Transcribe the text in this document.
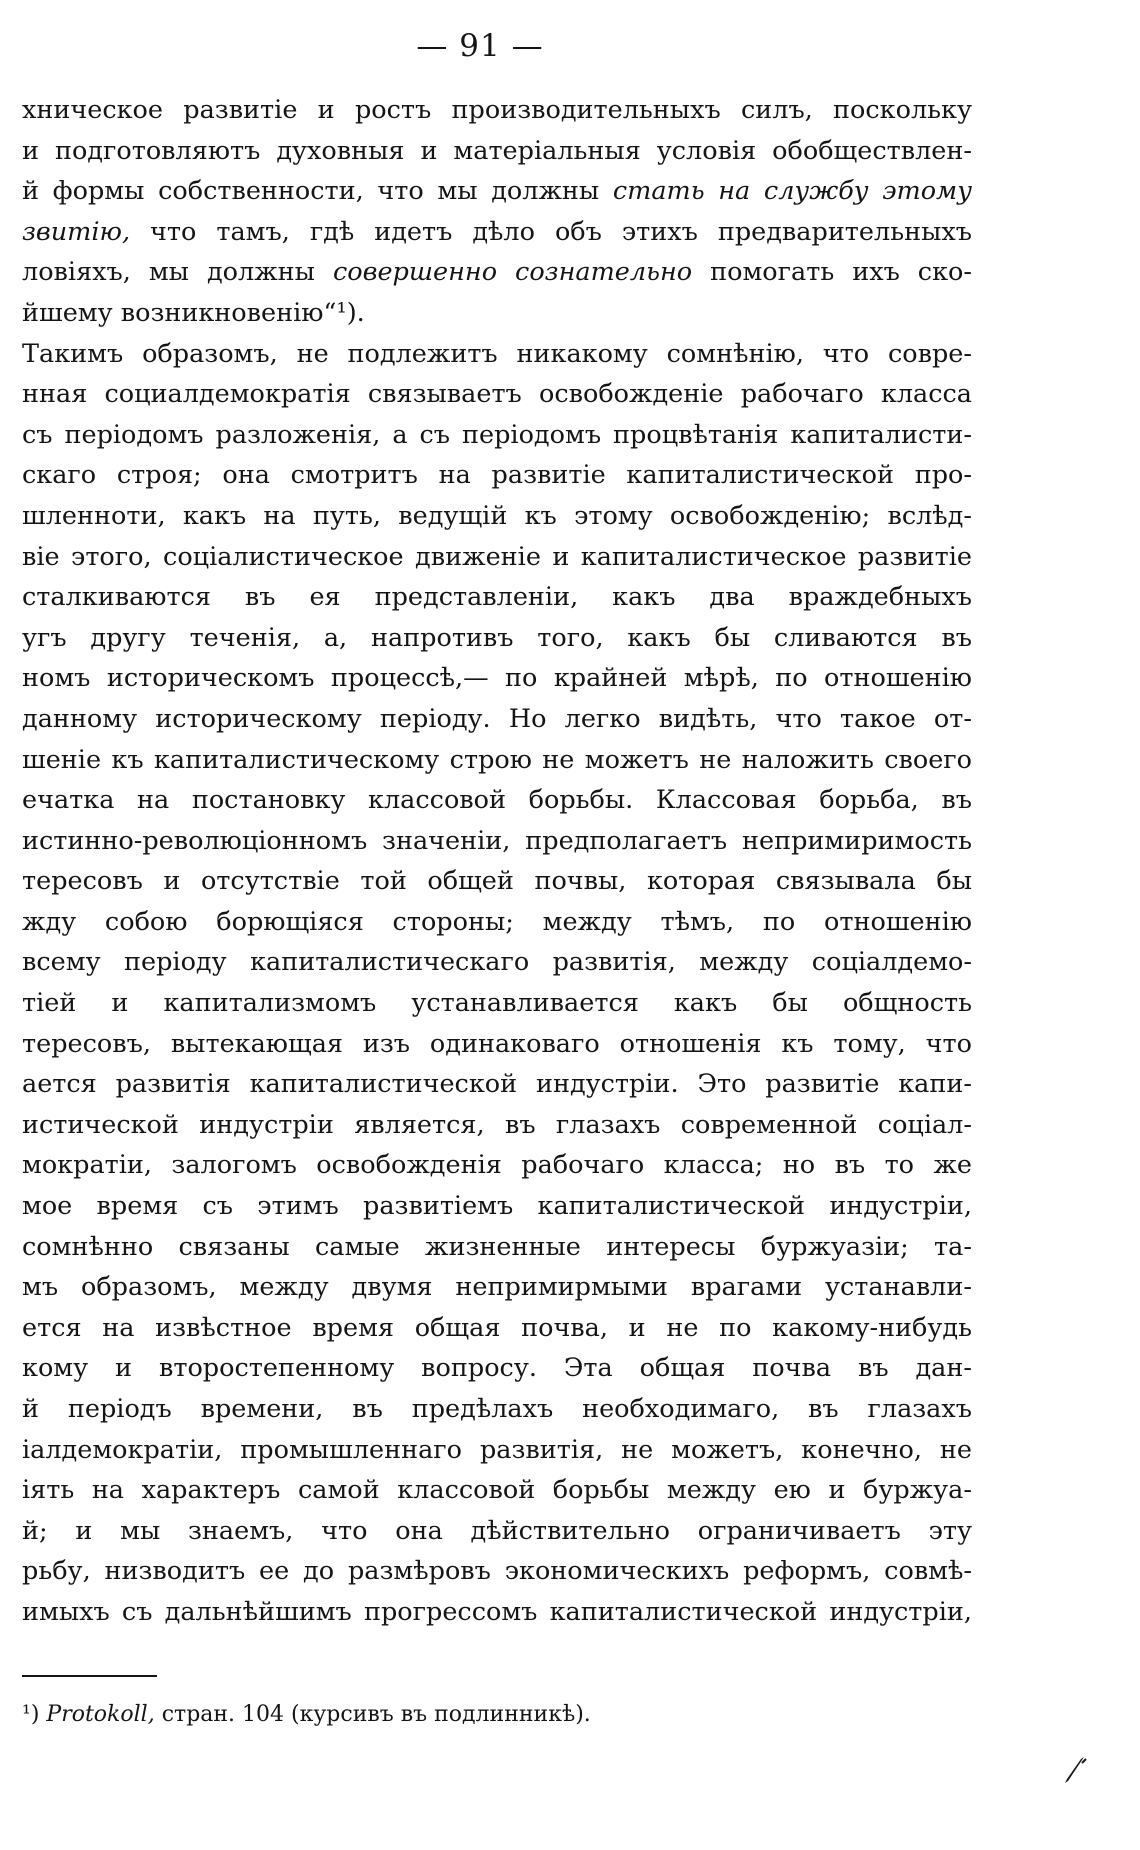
— 91 —
хническое развитіе и ростъ производительныхъ силъ, поскольку
и подготовляютъ духовныя и матеріальныя условія обобществлен-
й формы собственности, что мы должны стать на службу этому
звитію, что тамъ, гдѣ идетъ дѣло объ этихъ предварительныхъ
ловіяхъ, мы должны совершенно сознательно помогать ихъ ско-
йшему возникновенію“¹).
Такимъ образомъ, не подлежитъ никакому сомнѣнію, что совре-
нная социалдемократія связываетъ освобожденіе рабочаго класса
съ періодомъ разложенія, а съ періодомъ процвѣтанія капиталисти-
скаго строя; она смотритъ на развитіе капиталистической про-
шленноти, какъ на путь, ведущій къ этому освобожденію; вслѣд-
віе этого, соціалистическое движеніе и капиталистическое развитіе
сталкиваются въ ея представленіи, какъ два враждебныхъ
угъ другу теченія, а, напротивъ того, какъ бы сливаются въ
номъ историческомъ процессѣ,— по крайней мѣрѣ, по отношенію
данному историческому періоду. Но легко видѣть, что такое от-
шеніе къ капиталистическому строю не можетъ не наложить своего
ечатка на постановку классовой борьбы. Классовая борьба, въ
истинно-революціонномъ значеніи, предполагаетъ непримиримость
тересовъ и отсутствіе той общей почвы, которая связывала бы
жду собою борющіяся стороны; между тѣмъ, по отношенію
всему періоду капиталистическаго развитія, между соціалдемо-
тіей и капитализмомъ устанавливается какъ бы общность
тересовъ, вытекающая изъ одинаковаго отношенія къ тому, что
ается развитія капиталистической индустріи. Это развитіе капи-
истической индустріи является, въ глазахъ современной соціал-
мократіи, залогомъ освобожденія рабочаго класса; но въ то же
мое время съ этимъ развитіемъ капиталистической индустріи,
сомнѣнно связаны самые жизненные интересы буржуазіи; та-
мъ образомъ, между двумя непримирмыми врагами устанавли-
ется на извѣстное время общая почва, и не по какому-нибудь
кому и второстепенному вопросу. Эта общая почва въ дан-
й періодъ времени, въ предѣлахъ необходимаго, въ глазахъ
іалдемократіи, промышленнаго развитія, не можетъ, конечно, не
іять на характеръ самой классовой борьбы между ею и буржуа-
й; и мы знаемъ, что она дѣйствительно ограничиваетъ эту
рьбу, низводитъ ее до размѣровъ экономическихъ реформъ, совмѣ-
имыхъ съ дальнѣйшимъ прогрессомъ капиталистической индустріи,
¹) Protokoll, стран. 104 (курсивъ въ подлинникѣ).
